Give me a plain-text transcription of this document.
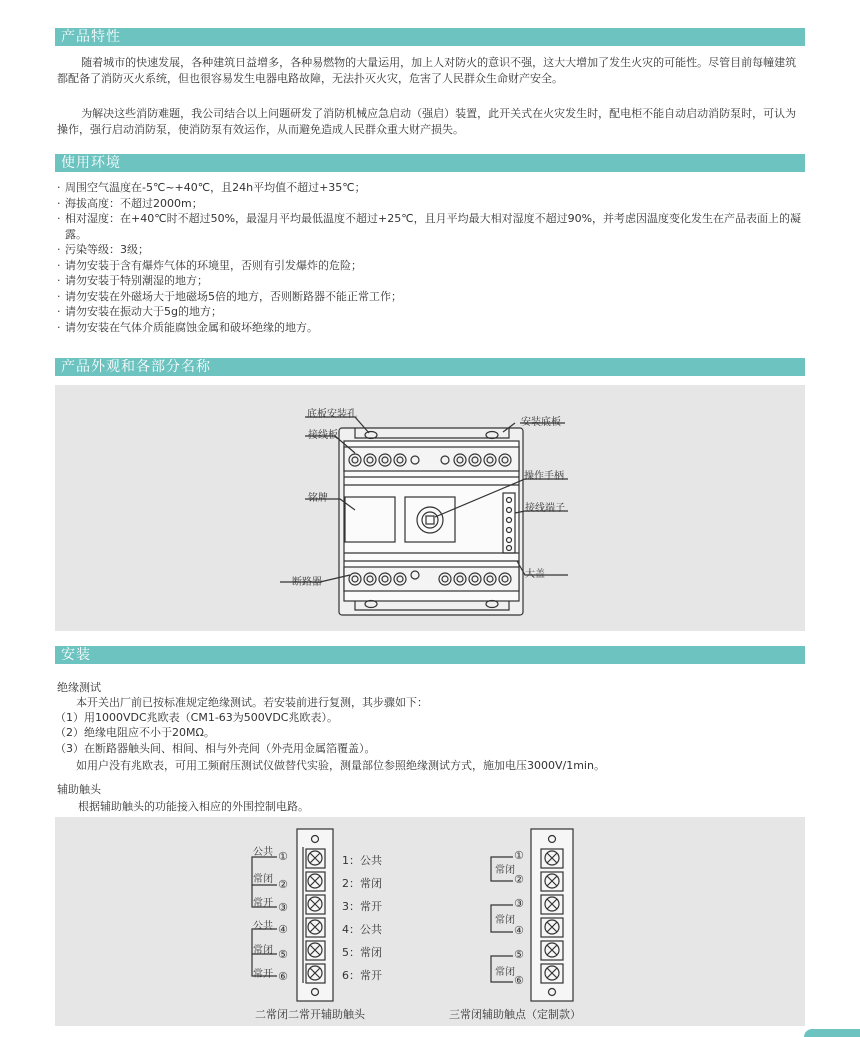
产品特性

随着城市的快速发展，各种建筑日益增多，各种易燃物的大量运用，加上人对防火的意识不强，这大大增加了发生火灾的可能性。尽管目前每幢建筑都配备了消防灭火系统，但也很容易发生电器电路故障，无法扑灭火灾，危害了人民群众生命财产安全。

为解决这些消防难题，我公司结合以上问题研发了消防机械应急启动（强启）装置，此开关式在火灾发生时，配电柜不能自动启动消防泵时，可认为操作，强行启动消防泵，使消防泵有效运作，从而避免造成人民群众重大财产损失。

使用环境
· 周围空气温度在-5℃~+40℃，且24h平均值不超过+35℃；
· 海拔高度：不超过2000m；
· 相对湿度：在+40℃时不超过50%，最湿月平均最低温度不超过+25℃，且月平均最大相对湿度不超过90%，并考虑因温度变化发生在产品表面上的凝露。
· 污染等级：3级；
· 请勿安装于含有爆炸气体的环境里，否则有引发爆炸的危险；
· 请勿安装于特别潮湿的地方；
· 请勿安装在外磁场大于地磁场5倍的地方，否则断路器不能正常工作；
· 请勿安装在振动大于5g的地方；
· 请勿安装在气体介质能腐蚀金属和破坏绝缘的地方。
产品外观和各部分名称
底板安装孔
安装底板
接线板
操作手柄
铭牌
接线端子
大盖
断路器
安装
绝缘测试
本开关出厂前已按标准规定绝缘测试。若安装前进行复测，其步骤如下：
（1）用1000VDC兆欧表（CM1-63为500VDC兆欧表）。
（2）绝缘电阻应不小于20MΩ。
（3）在断路器触头间、相间、相与外壳间（外壳用金属箔覆盖）。
如用户没有兆欧表，可用工频耐压测试仪做替代实验，测量部位参照绝缘测试方式，施加电压3000V/1min。
辅助触头
根据辅助触头的功能接入相应的外围控制电路。
公共
常闭
常开
公共
常闭
常开
①
②
③
④
⑤
⑥
1：公共
2：常闭
3：常开
4：公共
5：常闭
6：常开
常闭
常闭
常闭
①
②
③
④
⑤
⑥
二常闭二常开辅助触头	三常闭辅助触点（定制款）
